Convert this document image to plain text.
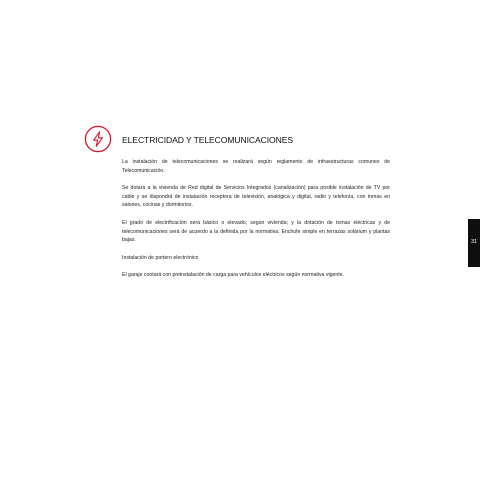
ELECTRICIDAD Y TELECOMUNICACIONES

La instalación de telecomunicaciones se realizará según reglamento de infraestructuras comunes de Telecomunicación.

Se dotará a la vivienda de Red digital de Servicios Integrados (canalización) para posible instalación de TV por cable y se dispondrá de instalación receptora de televisión, analógica y digital, radio y telefonía, con tomas en salones, cocinas y dormitorios.

El grado de electrificación será básico o elevado, según vivienda; y la dotación de tomas eléctricas y de telecomunicaciones será de acuerdo a la definida por la normativa. Enchufe simple en terrazas solárium y plantas bajas.

Instalación de portero electrónico

El garaje contará con preinstalación de carga para vehículos eléctricos según normativa vigente.

31
